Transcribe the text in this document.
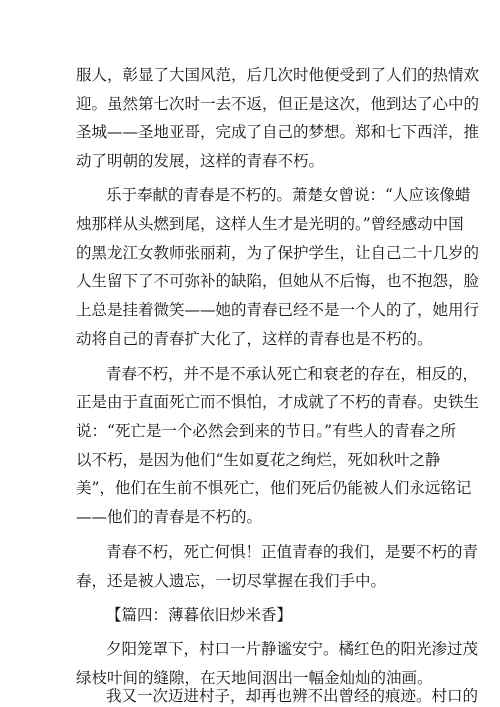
服人，彰显了大国风范，后几次时他便受到了人们的热情欢
迎。虽然第七次时一去不返，但正是这次，他到达了心中的
圣城——圣地亚哥，完成了自己的梦想。郑和七下西洋，推
动了明朝的发展，这样的青春不朽。
乐于奉献的青春是不朽的。萧楚女曾说：“人应该像蜡
烛那样从头燃到尾，这样人生才是光明的。”曾经感动中国
的黑龙江女教师张丽莉，为了保护学生，让自己二十几岁的
人生留下了不可弥补的缺陷，但她从不后悔，也不抱怨，脸
上总是挂着微笑——她的青春已经不是一个人的了，她用行
动将自己的青春扩大化了，这样的青春也是不朽的。
青春不朽，并不是不承认死亡和衰老的存在，相反的，
正是由于直面死亡而不惧怕，才成就了不朽的青春。史铁生
说：“死亡是一个必然会到来的节日。”有些人的青春之所
以不朽，是因为他们“生如夏花之绚烂，死如秋叶之静
美”，他们在生前不惧死亡，他们死后仍能被人们永远铭记
——他们的青春是不朽的。
青春不朽，死亡何惧！正值青春的我们，是要不朽的青
春，还是被人遗忘，一切尽掌握在我们手中。
【篇四：薄暮依旧炒米香】
夕阳笼罩下，村口一片静谧安宁。橘红色的阳光渗过茂
绿枝叶间的缝隙，在天地间洇出一幅金灿灿的油画。
我又一次迈进村子，却再也辨不出曾经的痕迹。村口的
